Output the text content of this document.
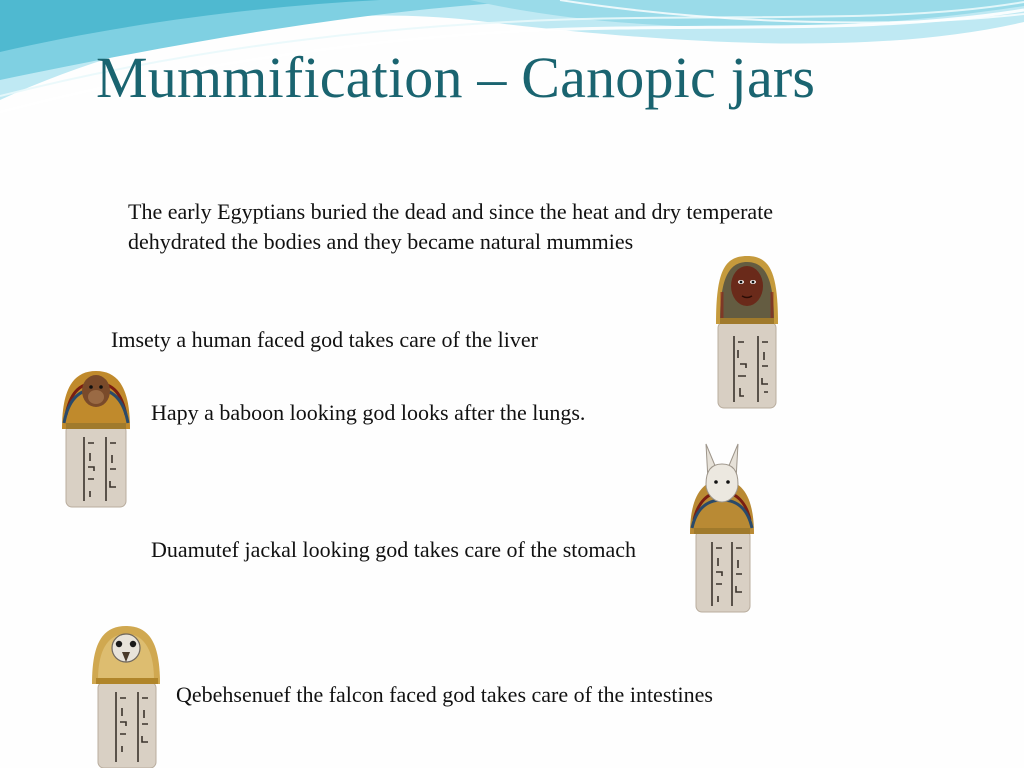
Mummification – Canopic jars

The early Egyptians buried the dead and since the heat and dry temperate dehydrated the bodies and they became natural mummies

Imsety a human faced god takes care of the liver

Hapy a baboon looking god looks after the lungs.

Duamutef jackal looking god takes care of the stomach

Qebehsenuef the falcon faced god takes care of the intestines
